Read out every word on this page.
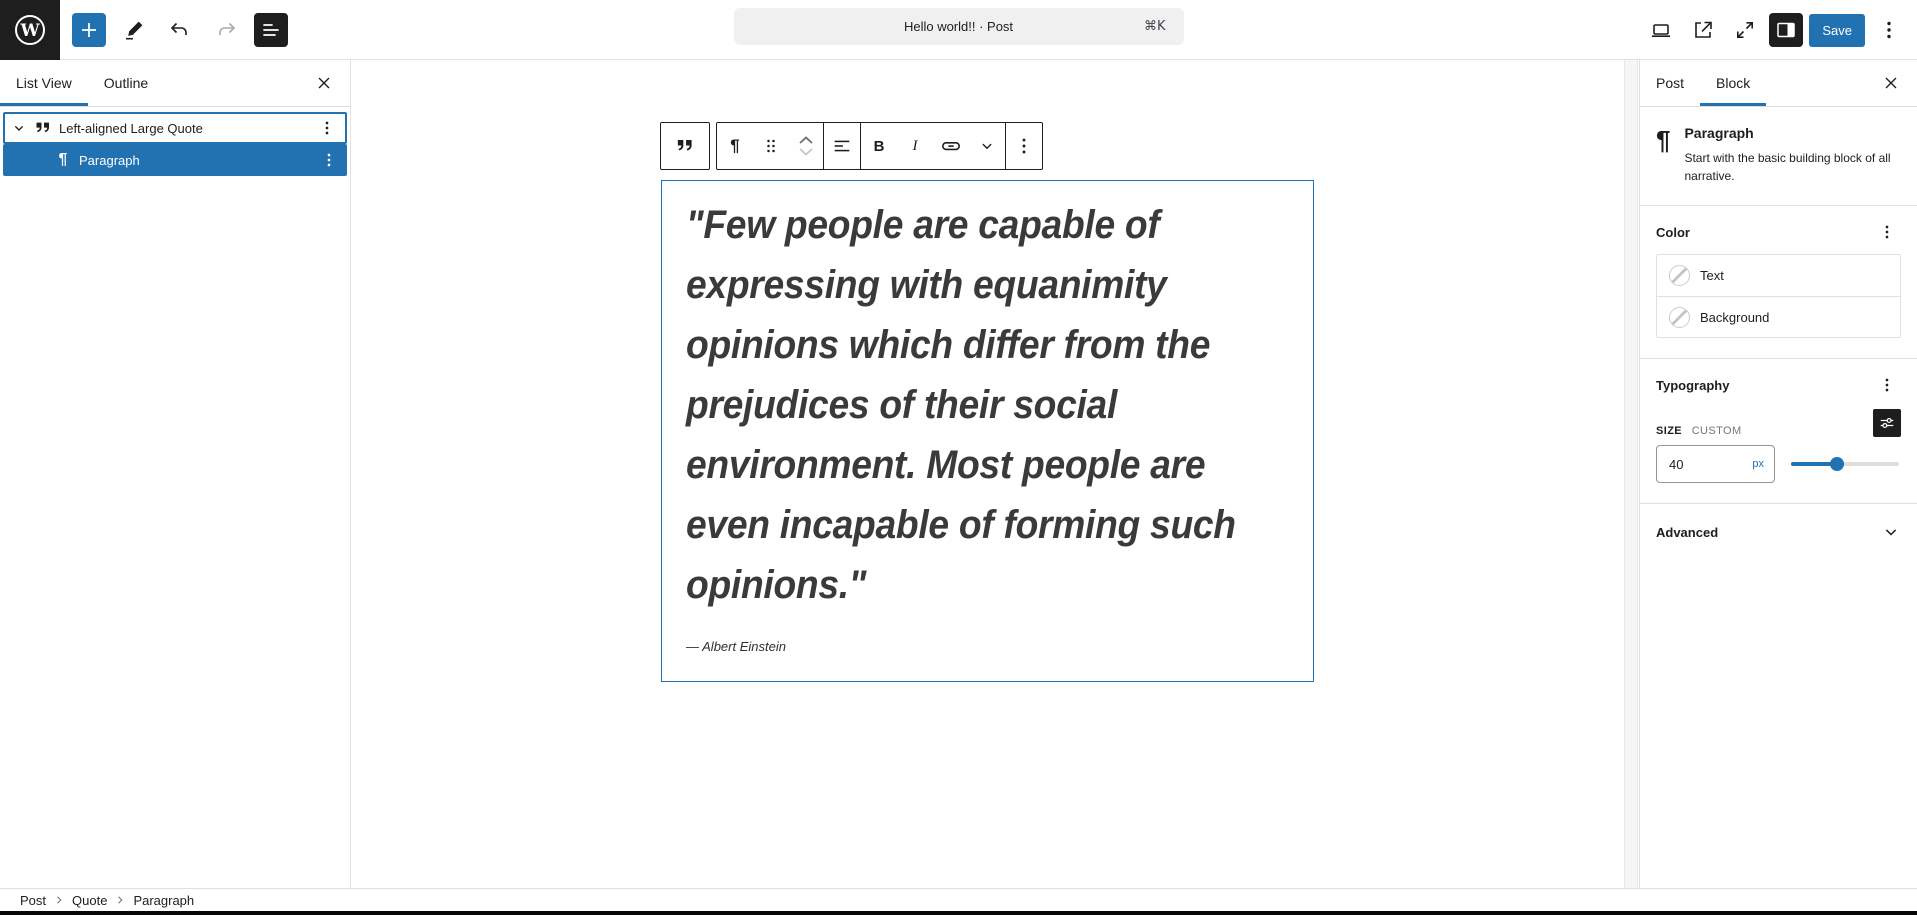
W	Hello world!! · Post	⌘K	Save
List View	Outline
Left-aligned Large Quote
¶ Paragraph
¶	B	I
"Few people are capable of
expressing with equanimity
opinions which differ from the
prejudices of their social
environment. Most people are
even incapable of forming such
opinions."
— Albert Einstein
Post	Block
¶ Paragraph
Start with the basic building block of all narrative.
Color
Text
Background
Typography
SIZE CUSTOM
40
px
Advanced
Post Quote Paragraph
